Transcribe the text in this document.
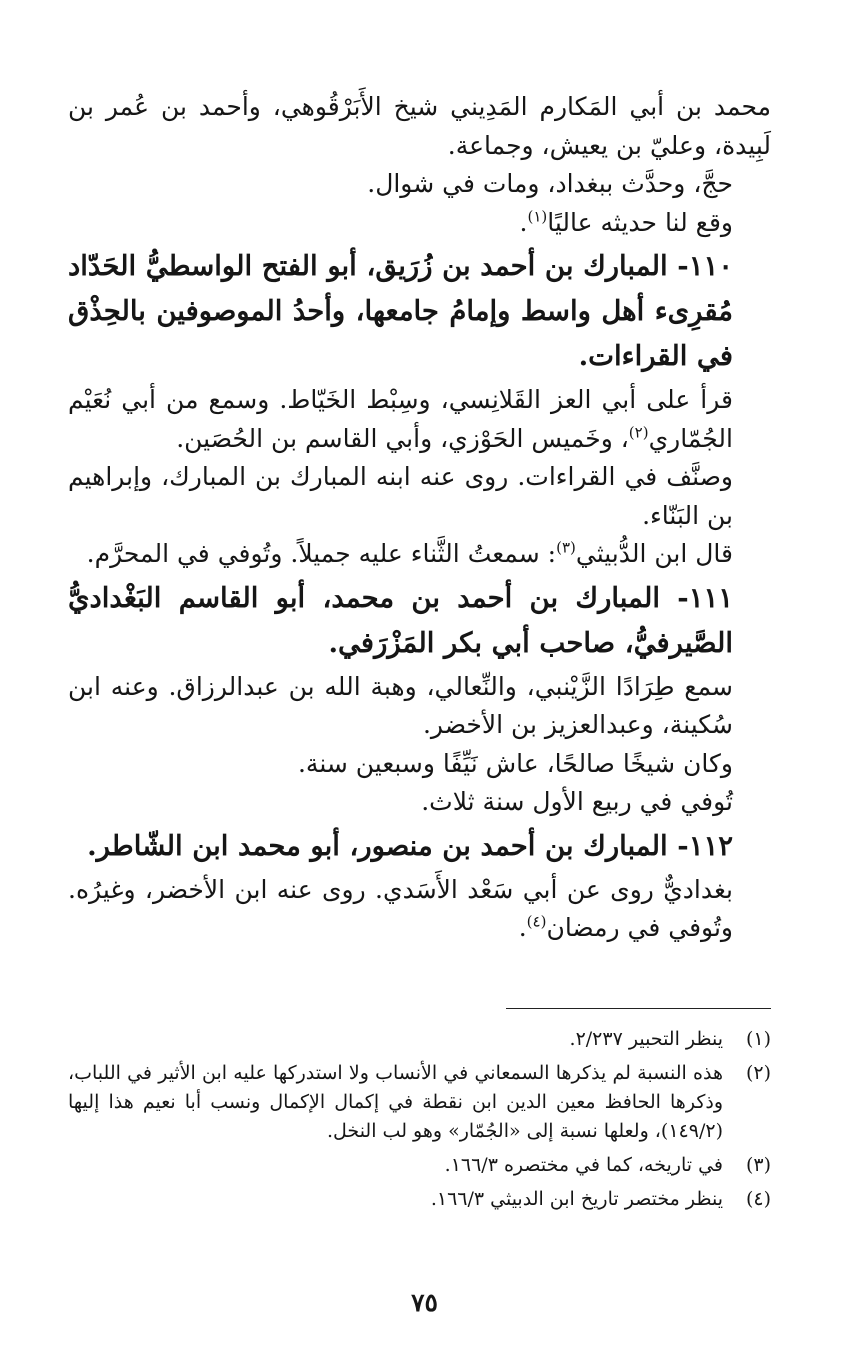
محمد بن أبي المَكارم المَدِيني شيخ الأَبَرْقُوهي، وأحمد بن عُمر بن لَبِيدة، وعليّ بن يعيش، وجماعة.

حجَّ، وحدَّث ببغداد، ومات في شوال.

وقع لنا حديثه عاليًا$^{(١)}$.

١١٠- المبارك بن أحمد بن زُرَيق، أبو الفتح الواسطيُّ الحَدّاد مُقرِىء أهل واسط وإمامُ جامعها، وأحدُ الموصوفين بالحِذْق في القراءات.

قرأ على أبي العز القَلانِسي، وسِبْط الخَيّاط. وسمع من أبي نُعَيْم الجُمّاري$^{(٢)}$، وخَميس الحَوْزي، وأبي القاسم بن الحُصَين.

وصنَّف في القراءات. روى عنه ابنه المبارك بن المبارك، وإبراهيم بن البَنّاء.

قال ابن الدُّبيثي$^{(٣)}$: سمعتُ الثَّناء عليه جميلاً. وتُوفي في المحرَّم.

١١١- المبارك بن أحمد بن محمد، أبو القاسم البَغْداديُّ الصَّيرفيُّ، صاحب أبي بكر المَزْرَفي.

سمع طِرَادًا الزَّيْنبي، والنِّعالي، وهبة الله بن عبدالرزاق. وعنه ابن سُكينة، وعبدالعزيز بن الأخضر.

وكان شيخًا صالحًا، عاش نَيِّفًا وسبعين سنة.

تُوفي في ربيع الأول سنة ثلاث.

١١٢- المبارك بن أحمد بن منصور، أبو محمد ابن الشّاطر.

بغداديٌّ روى عن أبي سَعْد الأَسَدي. روى عنه ابن الأخضر، وغيرُه. وتُوفي في رمضان$^{(٤)}$.

(١)
ينظر التحبير ٢/٢٣٧.
(٢)
هذه النسبة لم يذكرها السمعاني في الأنساب ولا استدركها عليه ابن الأثير في اللباب، وذكرها الحافظ معين الدين ابن نقطة في إكمال الإكمال ونسب أبا نعيم هذا إليها (١٤٩/٢)، ولعلها نسبة إلى «الجُمّار» وهو لب النخل.
(٣)
في تاريخه، كما في مختصره ١٦٦/٣.
(٤)
ينظر مختصر تاريخ ابن الدبيثي ١٦٦/٣.
٧٥
